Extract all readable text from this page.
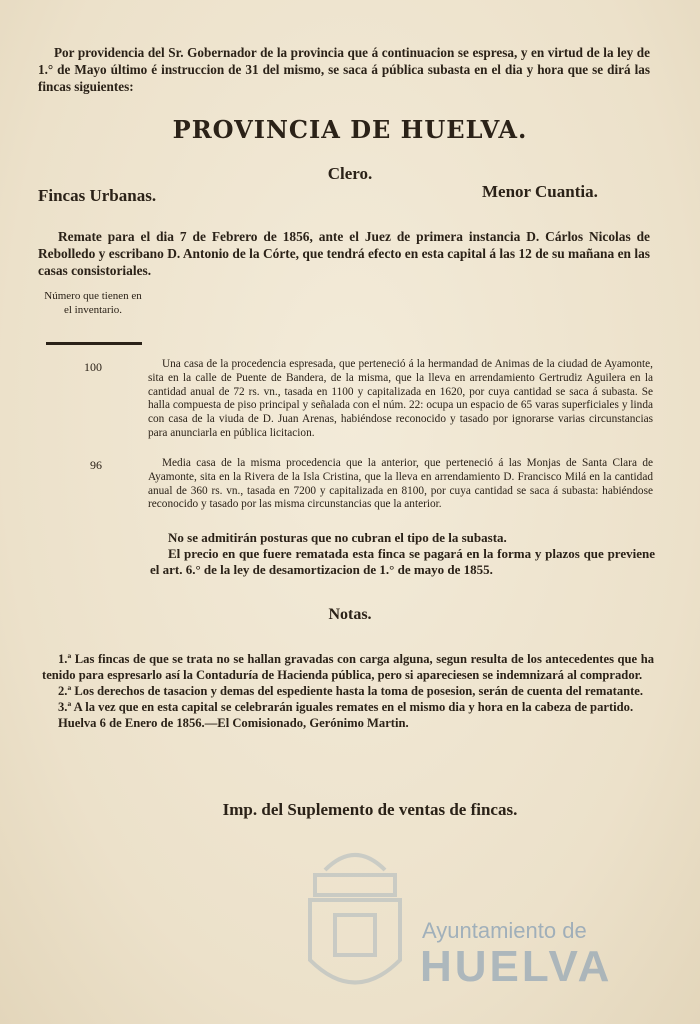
Por providencia del Sr. Gobernador de la provincia que á continuacion se espresa, y en virtud de la ley de 1.° de Mayo último é instruccion de 31 del mismo, se saca á pública subasta en el dia y hora que se dirá las fincas siguientes:

PROVINCIA DE HUELVA.
Clero.
Fincas Urbanas.	Menor Cuantia.

Remate para el dia 7 de Febrero de 1856, ante el Juez de primera instancia D. Cárlos Nicolas de Rebolledo y escribano D. Antonio de la Córte, que tendrá efecto en esta capital á las 12 de su mañana en las casas consistoriales.

Número que tienen en el inventario.
100	Una casa de la procedencia espresada, que perteneció á la hermandad de Animas de la ciudad de Ayamonte, sita en la calle de Puente de Bandera, de la misma, que la lleva en arrendamiento Gertrudiz Aguilera en la cantidad anual de 72 rs. vn., tasada en 1100 y capitalizada en 1620, por cuya cantidad se saca á subasta. Se halla compuesta de piso principal y señalada con el núm. 22: ocupa un espacio de 65 varas superficiales y linda con casa de la viuda de D. Juan Arenas, habiéndose reconocido y tasado por ignorarse varias circunstancias para anunciarla en pública licitacion.

96	Media casa de la misma procedencia que la anterior, que perteneció á las Monjas de Santa Clara de Ayamonte, sita en la Rivera de la Isla Cristina, que la lleva en arrendamiento D. Francisco Milá en la cantidad anual de 360 rs. vn., tasada en 7200 y capitalizada en 8100, por cuya cantidad se saca á subasta: habiéndose reconocido y tasado por las misma circunstancias que la anterior.

No se admitirán posturas que no cubran el tipo de la subasta.

El precio en que fuere rematada esta finca se pagará en la forma y plazos que previene el art. 6.° de la ley de desamortizacion de 1.° de mayo de 1855.

Notas.

1.ª Las fincas de que se trata no se hallan gravadas con carga alguna, segun resulta de los antecedentes que ha tenido para espresarlo así la Contaduría de Hacienda pública, pero si apareciesen se indemnizará al comprador.

2.ª Los derechos de tasacion y demas del espediente hasta la toma de posesion, serán de cuenta del rematante.

3.ª A la vez que en esta capital se celebrarán iguales remates en el mismo dia y hora en la cabeza de partido.

Huelva 6 de Enero de 1856.—El Comisionado, Gerónimo Martin.

Imp. del Suplemento de ventas de fincas.
Ayuntamiento de
HUELVA
